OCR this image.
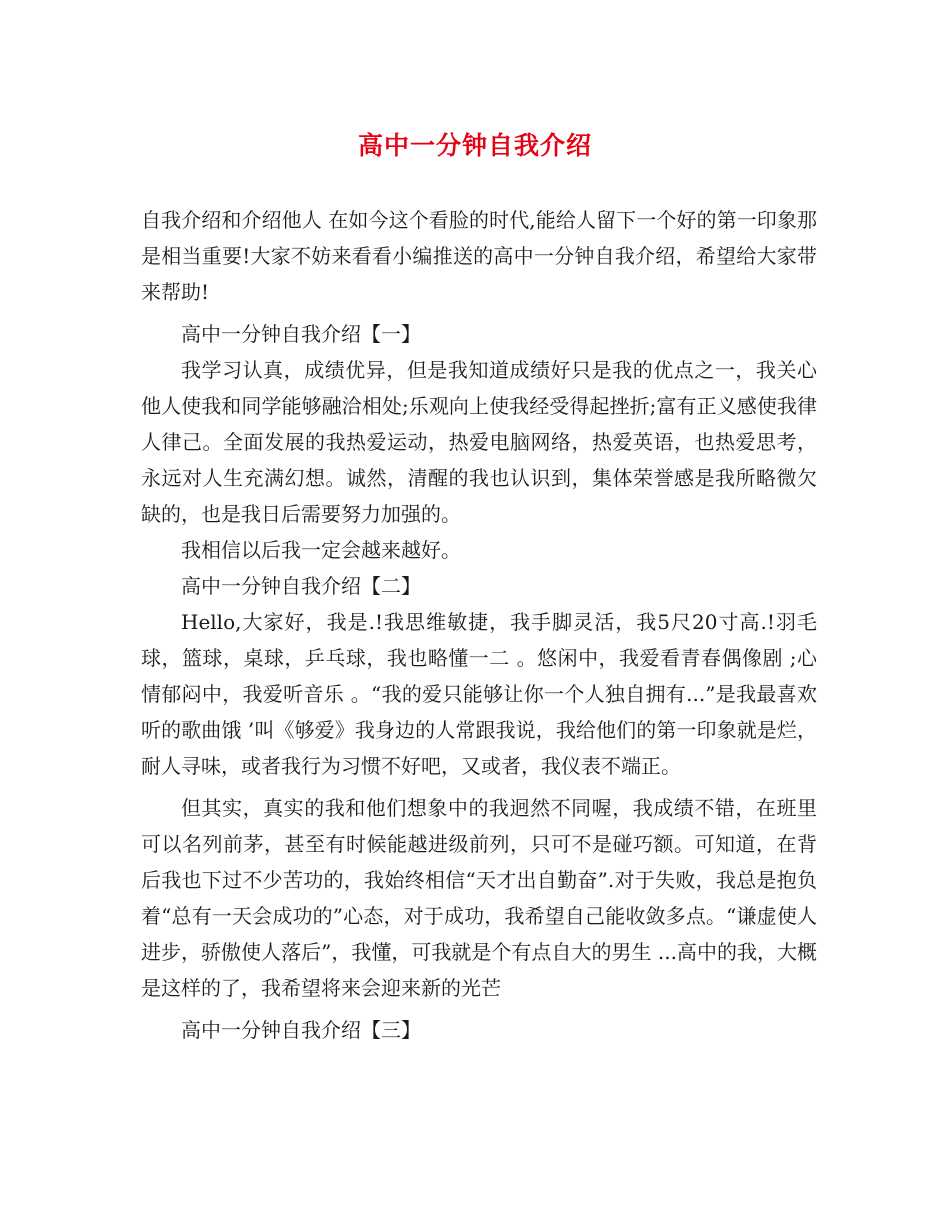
高中一分钟自我介绍

自我介绍和介绍他人 在如今这个看脸的时代,能给人留下一个好的第一印象那是相当重要!大家不妨来看看小编推送的高中一分钟自我介绍，希望给大家带来帮助!

高中一分钟自我介绍【一】

我学习认真，成绩优异，但是我知道成绩好只是我的优点之一，我关心他人使我和同学能够融洽相处;乐观向上使我经受得起挫折;富有正义感使我律人律己。全面发展的我热爱运动，热爱电脑网络，热爱英语，也热爱思考，永远对人生充满幻想。诚然，清醒的我也认识到，集体荣誉感是我所略微欠缺的，也是我日后需要努力加强的。

我相信以后我一定会越来越好。

高中一分钟自我介绍【二】

Hello,大家好，我是.!我思维敏捷，我手脚灵活，我5尺20寸高.!羽毛球，篮球，桌球，乒乓球，我也略懂一二 。悠闲中，我爱看青春偶像剧 ;心情郁闷中，我爱听音乐 。“我的爱只能够让你一个人独自拥有...”是我最喜欢听的歌曲饿 ’叫《够爱》我身边的人常跟我说，我给他们的第一印象就是烂，耐人寻味，或者我行为习惯不好吧，又或者，我仪表不端正。

但其实，真实的我和他们想象中的我迥然不同喔，我成绩不错，在班里可以名列前茅，甚至有时候能越进级前列，只可不是碰巧额。可知道，在背后我也下过不少苦功的，我始终相信“天才出自勤奋”.对于失败，我总是抱负着“总有一天会成功的”心态，对于成功，我希望自己能收敛多点。“谦虚使人进步，骄傲使人落后”，我懂，可我就是个有点自大的男生 ...高中的我，大概是这样的了，我希望将来会迎来新的光芒

高中一分钟自我介绍【三】
